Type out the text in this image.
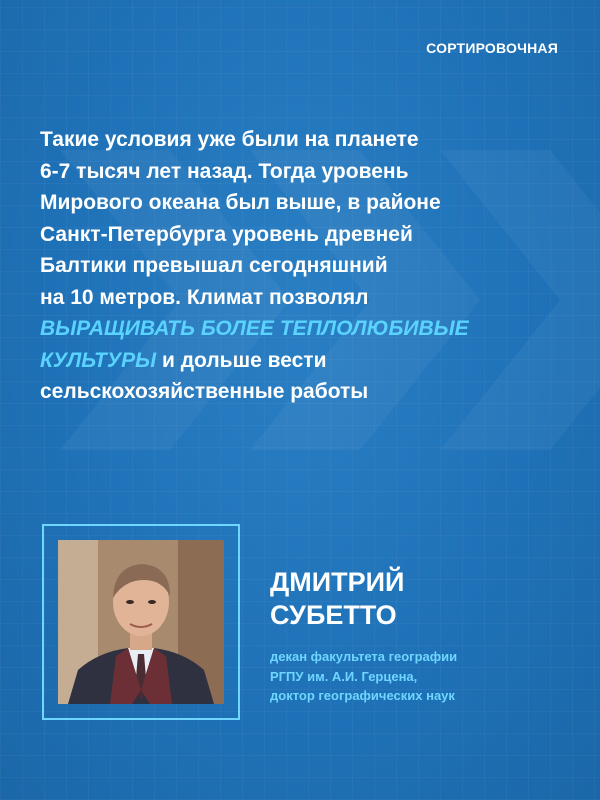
СОРТИРОВОЧНАЯ
Такие условия уже были на планете
6-7 тысяч лет назад. Тогда уровень
Мирового океана был выше, в районе
Санкт-Петербурга уровень древней
Балтики превышал сегодняшний
на 10 метров. Климат позволял
ВЫРАЩИВАТЬ БОЛЕЕ ТЕПЛОЛЮБИВЫЕ
КУЛЬТУРЫ и дольше вести
сельскохозяйственные работы
ДМИТРИЙ
СУБЕТТО
декан факультета географии
РГПУ им. А.И. Герцена,
доктор географических наук
